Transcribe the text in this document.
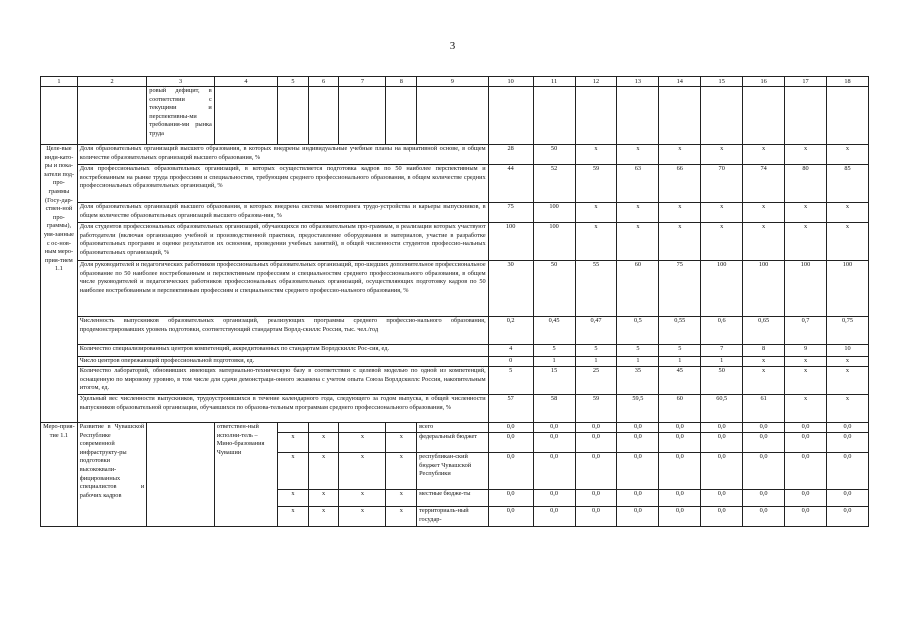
3
1	2	3	4	5	6	7	8	9	10	11	12	13	14	15	16	17	18
		ровый дефицит, в соответствии с текущими и перспективны-ми требования-ми рынка труда															
Целе-вые инди-като-ры и пока-затели под-про-граммы (Госу-дар-ствен-ной про-граммы), увя-занные с ос-нов-ным меро-прия-тием 1.1	Доля образовательных организаций высшего образования, в которых внедрены индивидуальные учебные планы на вариативной основе, в общем количестве образовательных организаций высшего образования, %								28	50	х	х	х	х	х	х	х
	Доля профессиональных образовательных организаций, в которых осуществляется подготовка кадров по 50 наиболее перспективным и востребованным на рынке труда профессиям и специальностям, требующим среднего профессионального образования, в общем количестве средних профессиональных образовательных организаций, %								44	52	59	63	66	70	74	80	85
	Доля образовательных организаций высшего образования, в которых внедрена система мониторинга трудо-устройства и карьеры выпускников, в общем количестве образовательных организаций высшего образова-ния, %								75	100	х	х	х	х	х	х	х
	Доля студентов профессиональных образовательных организаций, обучающихся по образовательным про-граммам, в реализации которых участвуют работодатели (включая организацию учебной и производственной практики, предоставление оборудования и материалов, участие в разработке образовательных программ и оценке результатов их освоения, проведении учебных занятий), в общей численности студентов профессио-нальных образовательных организаций, %								100	100	х	х	х	х	х	х	х
	Доля руководителей и педагогических работников профессиональных образовательных организаций, про-шедших дополнительное профессиональное образование по 50 наиболее востребованным и перспективным профессиям и специальностям среднего профессионального образования, в общем числе руководителей и педагогических работников профессиональных образовательных организаций, осуществляющих подготовку кадров по 50 наиболее востребованным и перспективным профессиям и специальностям среднего профессио-нального образования, %								30	50	55	60	75	100	100	100	100
	Численность выпускников образовательных организаций, реализующих программы среднего профессио-нального образования, продемонстрировавших уровень подготовки, соответствующий стандартам Ворлд-скиллс Россия, тыс. чел./год								0,2	0,45	0,47	0,5	0,55	0,6	0,65	0,7	0,75
	Количество специализированных центров компетенций, аккредитованных по стандартам Ворлдскиллс Рос-сия, ед.								4	5	5	5	5	7	8	9	10
	Число центров опережающей профессиональной подготовки, ед.								0	1	1	1	1	1	х	х	х
	Количество лабораторий, обновивших имеющих материально-техническую базу в соответствии с целевой моделью по одной из компетенций, оснащенную по мировому уровню, в том числе для сдачи демонстраци-онного экзамена с учетом опыта Союза Ворлдскиллс Россия, накопительным итогом, ед.								5	15	25	35	45	50	х	х	х
	Удельный вес численности выпускников, трудоустроившихся в течение календарного года, следующего за годом выпуска, в общей численности выпускников образовательной организации, обучавшихся по образова-тельным программам среднего профессионального образования, %								57	58	59	59,5	60	60,5	61	х	х
Меро-прия-тие 1.1	Развитие в Чувашской Республике современной инфраструкту-ры подготовки высококвали-фицированных специалистов и рабочих кадров		ответствен-ный исполни-тель – Мино-бразования Чувашии					всего	0,0	0,0	0,0	0,0	0,0	0,0	0,0	0,0	0,0
				х	х	х	х	федеральный бюджет	0,0	0,0	0,0	0,0	0,0	0,0	0,0	0,0	0,0
				х	х	х	х	республикан-ский бюджет Чувашской Республики	0,0	0,0	0,0	0,0	0,0	0,0	0,0	0,0	0,0
				х	х	х	х	местные бюдже-ты	0,0	0,0	0,0	0,0	0,0	0,0	0,0	0,0	0,0
				х	х	х	х	территориаль-ный государ-	0,0	0,0	0,0	0,0	0,0	0,0	0,0	0,0	0,0
